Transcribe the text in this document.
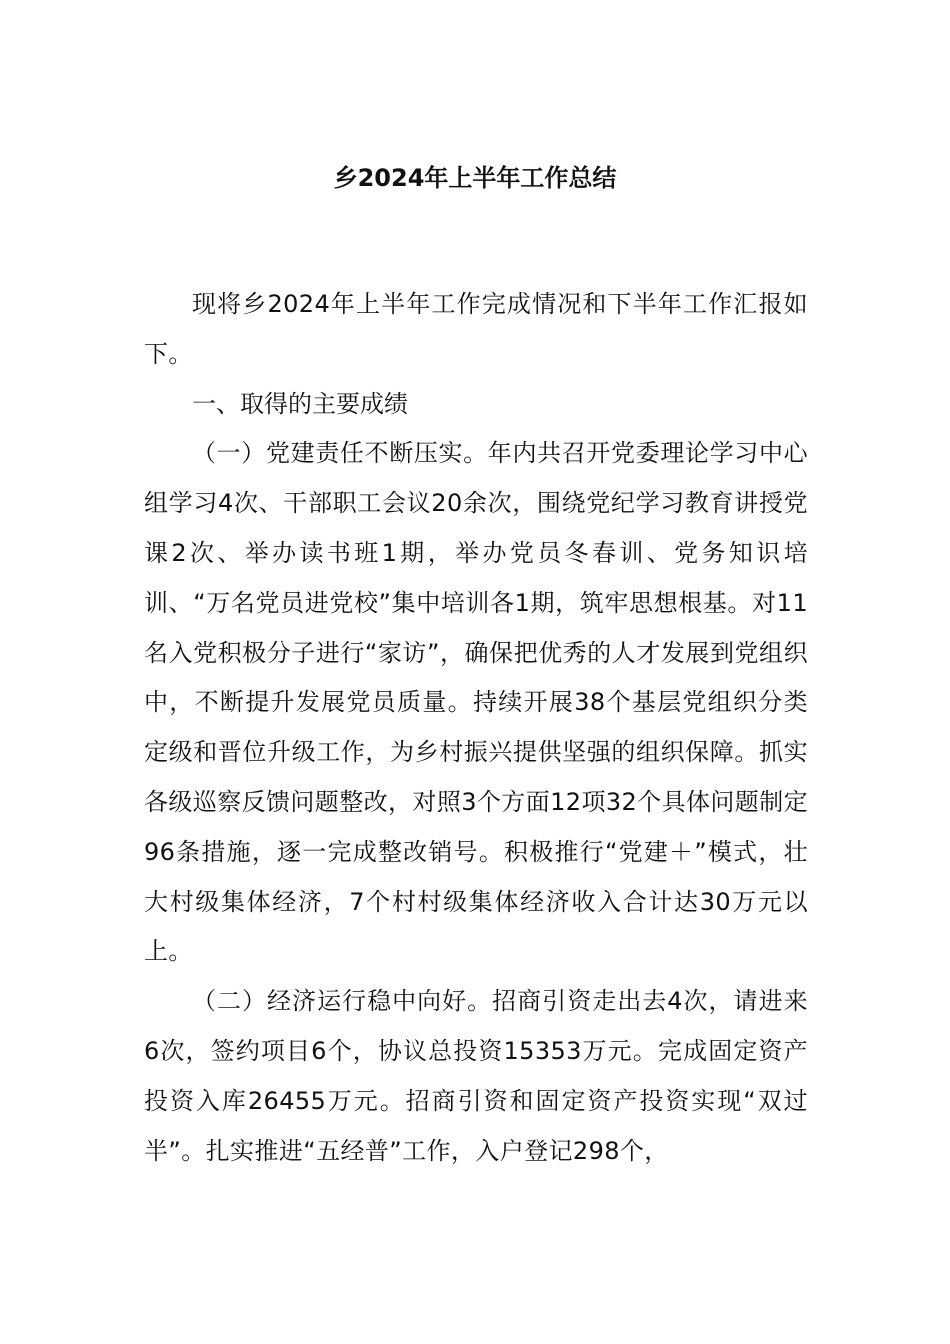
乡2024年上半年工作总结

现将乡2024年上半年工作完成情况和下半年工作汇报如下。

一、取得的主要成绩

（一）党建责任不断压实。年内共召开党委理论学习中心组学习4次、干部职工会议20余次，围绕党纪学习教育讲授党课2次、举办读书班1期，举办党员冬春训、党务知识培训、“万名党员进党校”集中培训各1期，筑牢思想根基。对11名入党积极分子进行“家访”，确保把优秀的人才发展到党组织中，不断提升发展党员质量。持续开展38个基层党组织分类定级和晋位升级工作，为乡村振兴提供坚强的组织保障。抓实各级巡察反馈问题整改，对照3个方面12项32个具体问题制定96条措施，逐一完成整改销号。积极推行“党建＋”模式，壮大村级集体经济，7个村村级集体经济收入合计达30万元以上。

（二）经济运行稳中向好。招商引资走出去4次，请进来6次，签约项目6个，协议总投资15353万元。完成固定资产投资入库26455万元。招商引资和固定资产投资实现“双过半”。扎实推进“五经普”工作，入户登记298个，
